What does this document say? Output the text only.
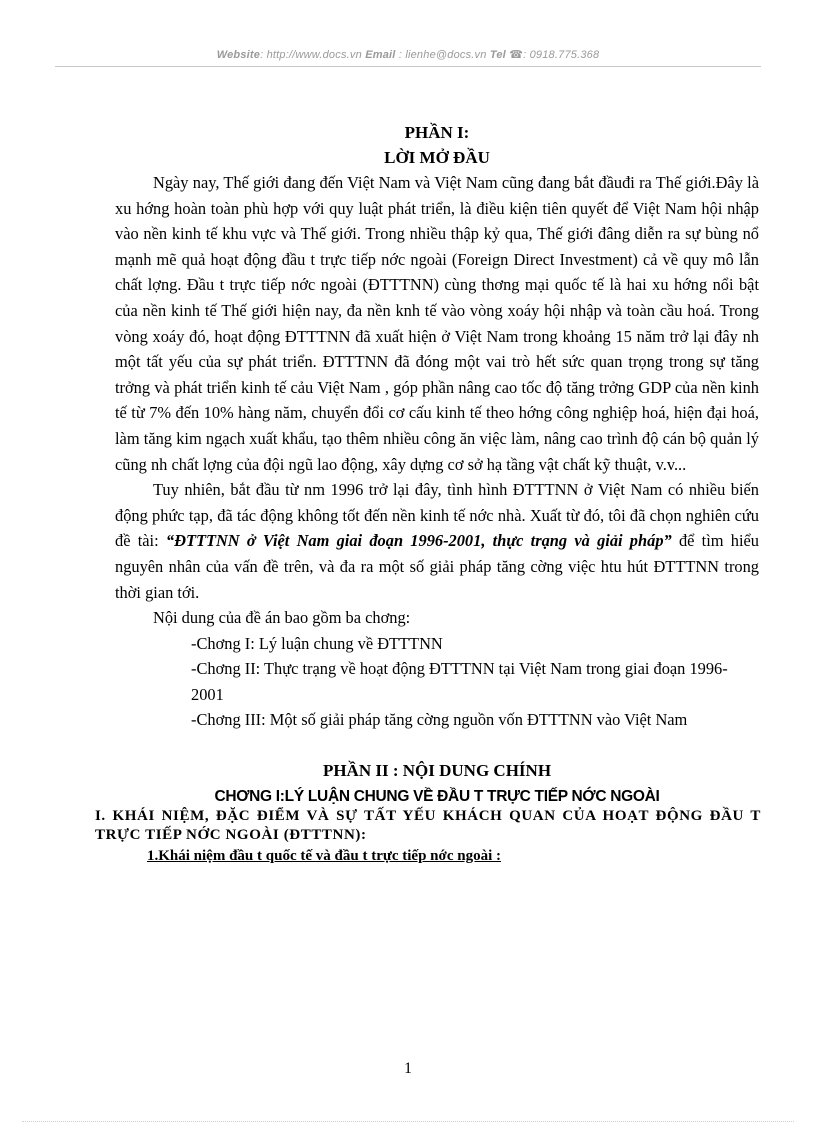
Website: http://www.docs.vn Email : lienhe@docs.vn Tel ☎: 0918.775.368
PHẦN I:
LỜI MỞ ĐẦU

Ngày nay, Thế giới đang đến Việt Nam và Việt Nam cũng đang bắt đầuđi ra Thế giới.Đây là xu hớng hoàn toàn phù hợp với quy luật phát triển, là điều kiện tiên quyết để Việt Nam hội nhập vào nền kinh tế khu vực và Thế giới. Trong nhiều thập kỷ qua, Thế giới đâng diễn ra sự bùng nổ mạnh mẽ quả hoạt động đầu t trực tiếp nớc ngoài (Foreign Direct Investment) cả về quy mô lẫn chất lợng. Đầu t trực tiếp nớc ngoài (ĐTTTNN) cùng thơng mại quốc tế là hai xu hớng nổi bật của nền kinh tế Thế giới hiện nay, đa nền knh tế vào vòng xoáy hội nhập và toàn cầu hoá. Trong vòng xoáy đó, hoạt động ĐTTTNN đã xuất hiện ở Việt Nam trong khoảng 15 năm trở lại đây nh một tất yếu của sự phát triển. ĐTTTNN đã đóng một vai trò hết sức quan trọng trong sự tăng trởng và phát triển kinh tế cảu Việt Nam , góp phần nâng cao tốc độ tăng trởng GDP của nền kinh tế từ 7% đến 10% hàng năm, chuyển đổi cơ cấu kinh tế theo hớng công nghiệp hoá, hiện đại hoá, làm tăng kim ngạch xuất khẩu, tạo thêm nhiều công ăn việc làm, nâng cao trình độ cán bộ quản lý cũng nh chất lợng của đội ngũ lao động, xây dựng cơ sở hạ tầng vật chất kỹ thuật, v.v...

Tuy nhiên, bắt đầu từ nm 1996 trở lại đây, tình hình ĐTTTNN ở Việt Nam có nhiều biến động phức tạp, đã tác động không tốt đến nền kinh tế nớc nhà. Xuất từ đó, tôi đã chọn nghiên cứu đề tài: “ĐTTTNN ở Việt Nam giai đoạn 1996-2001, thực trạng và giải pháp” để tìm hiểu nguyên nhân của vấn đề trên, và đa ra một số giải pháp tăng cờng việc htu hút ĐTTTNN trong thời gian tới.

Nội dung của đề án bao gồm ba chơng:

-Chơng I: Lý luận chung về ĐTTTNN

-Chơng II: Thực trạng về hoạt động ĐTTTNN tại Việt Nam trong giai đoạn 1996-2001

-Chơng III: Một số giải pháp tăng cờng nguồn vốn ĐTTTNN vào Việt Nam

PHẦN II : NỘI DUNG CHÍNH
CHƠNG I:LÝ LUẬN CHUNG VỀ ĐẦU T TRỰC TIẾP NỚC NGOÀI
I. KHÁI NIỆM, ĐẶC ĐIỂM VÀ SỰ TẤT YẾU KHÁCH QUAN CỦA HOẠT ĐỘNG ĐẦU T TRỰC TIẾP NỚC NGOÀI (ĐTTTNN):
1.Khái niệm đầu t quốc tế và đầu t trực tiếp nớc ngoài :
1
